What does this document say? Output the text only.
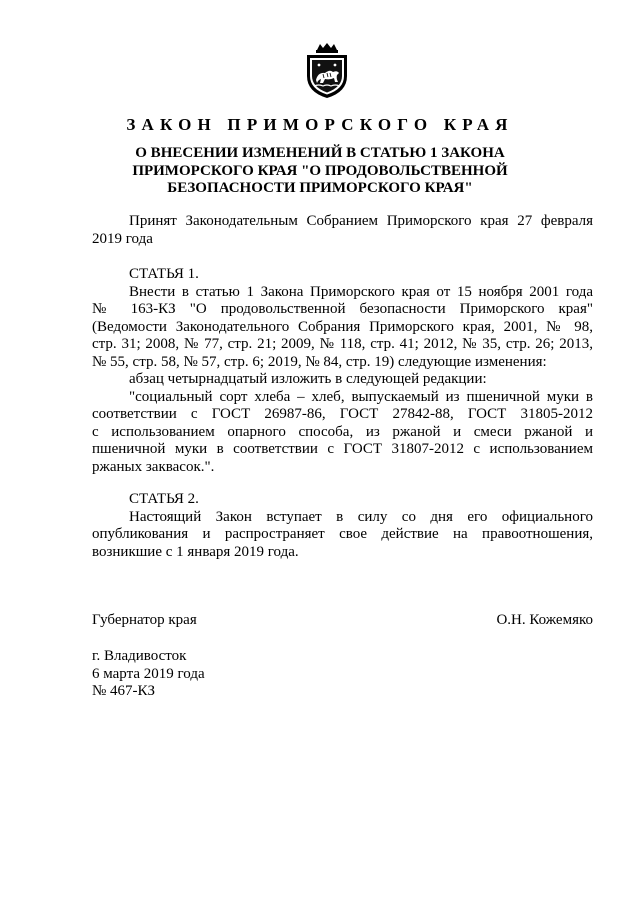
ЗАКОН ПРИМОРСКОГО КРАЯ
О ВНЕСЕНИИ ИЗМЕНЕНИЙ В СТАТЬЮ 1 ЗАКОНА
ПРИМОРСКОГО КРАЯ "О ПРОДОВОЛЬСТВЕННОЙ
БЕЗОПАСНОСТИ ПРИМОРСКОГО КРАЯ"
Принят Законодательным Собранием Приморского края 27 февраля
2019 года
СТАТЬЯ 1.
Внести в статью 1 Закона Приморского края от 15 ноября 2001 года
№ 163-КЗ "О продовольственной безопасности Приморского края"
(Ведомости Законодательного Собрания Приморского края, 2001, № 98,
стр. 31; 2008, № 77, стр. 21; 2009, № 118, стр. 41; 2012, № 35, стр. 26; 2013,
№ 55, стр. 58, № 57, стр. 6; 2019, № 84, стр. 19) следующие изменения:
абзац четырнадцатый изложить в следующей редакции:
"социальный сорт хлеба – хлеб, выпускаемый из пшеничной муки в
соответствии с ГОСТ 26987-86, ГОСТ 27842-88, ГОСТ 31805-2012
с использованием опарного способа, из ржаной и смеси ржаной и
пшеничной муки в соответствии с ГОСТ 31807-2012 с использованием
ржаных заквасок.".
СТАТЬЯ 2.
Настоящий Закон вступает в силу со дня его официального
опубликования и распространяет свое действие на правоотношения,
возникшие с 1 января 2019 года.
Губернатор края	О.Н. Кожемяко
г. Владивосток
6 марта 2019 года
№ 467-КЗ
